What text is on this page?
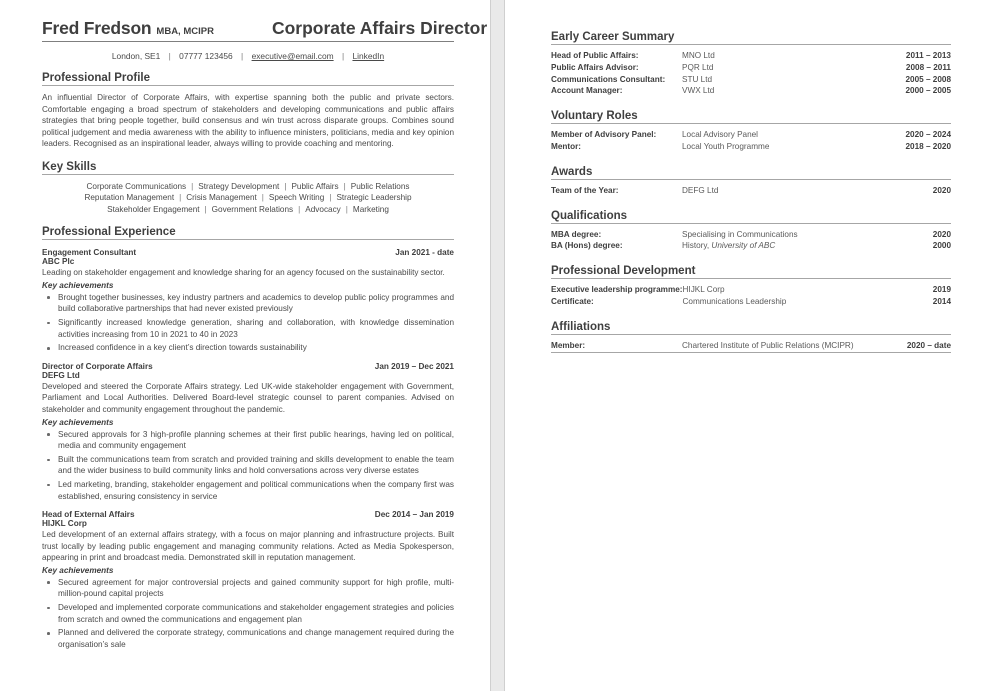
Fred Fredson MBA, MCIPR	Corporate Affairs Director
London, SE1 | 07777 123456 | executive@email.com | LinkedIn
Professional Profile

An influential Director of Corporate Affairs, with expertise spanning both the public and private sectors. Comfortable engaging a broad spectrum of stakeholders and developing communications and public affairs strategies that bring people together, build consensus and win trust across disparate groups. Combines sound political judgement and media awareness with the ability to influence ministers, politicians, media and key opinion leaders. Recognised as an inspirational leader, always willing to provide coaching and mentoring.

Key Skills
Corporate Communications | Strategy Development | Public Affairs | Public Relations
Reputation Management | Crisis Management | Speech Writing | Strategic Leadership
Stakeholder Engagement | Government Relations | Advocacy | Marketing
Professional Experience
Engagement Consultant	Jan 2021 - date
ABC Plc

Leading on stakeholder engagement and knowledge sharing for an agency focused on the sustainability sector.

Key achievements
Brought together businesses, key industry partners and academics to develop public policy programmes and build collaborative partnerships that had never existed previously
Significantly increased knowledge generation, sharing and collaboration, with knowledge dissemination activities increasing from 10 in 2021 to 40 in 2023
Increased confidence in a key client’s direction towards sustainability
Director of Corporate Affairs	Jan 2019 – Dec 2021
DEFG Ltd

Developed and steered the Corporate Affairs strategy. Led UK-wide stakeholder engagement with Government, Parliament and Local Authorities. Delivered Board-level strategic counsel to parent companies. Advised on stakeholder and community engagement throughout the pandemic.

Key achievements
Secured approvals for 3 high-profile planning schemes at their first public hearings, having led on political, media and community engagement
Built the communications team from scratch and provided training and skills development to enable the team and the wider business to build community links and hold conversations across very diverse estates
Led marketing, branding, stakeholder engagement and political communications when the company first was established, ensuring consistency in service
Head of External Affairs	Dec 2014 – Jan 2019
HIJKL Corp

Led development of an external affairs strategy, with a focus on major planning and infrastructure projects. Built trust locally by leading public engagement and managing community relations. Acted as Media Spokesperson, appearing in print and broadcast media. Demonstrated skill in reputation management.

Key achievements
Secured agreement for major controversial projects and gained community support for high profile, multi-million-pound capital projects
Developed and implemented corporate communications and stakeholder engagement strategies and policies from scratch and owned the communications and engagement plan
Planned and delivered the corporate strategy, communications and change management required during the organisation’s sale
Early Career Summary
Head of Public Affairs:	MNO Ltd	2011 – 2013
Public Affairs Advisor:	PQR Ltd	2008 – 2011
Communications Consultant:	STU Ltd	2005 – 2008
Account Manager:	VWX Ltd	2000 – 2005
Voluntary Roles
Member of Advisory Panel:	Local Advisory Panel	2020 – 2024
Mentor:	Local Youth Programme	2018 – 2020
Awards
Team of the Year:	DEFG Ltd	2020
Qualifications
MBA degree:	Specialising in Communications	2020
BA (Hons) degree:	History, University of ABC	2000
Professional Development
Executive leadership programme:	HIJKL Corp	2019
Certificate:	Communications Leadership	2014
Affiliations
Member:	Chartered Institute of Public Relations (MCIPR)	2020 – date
